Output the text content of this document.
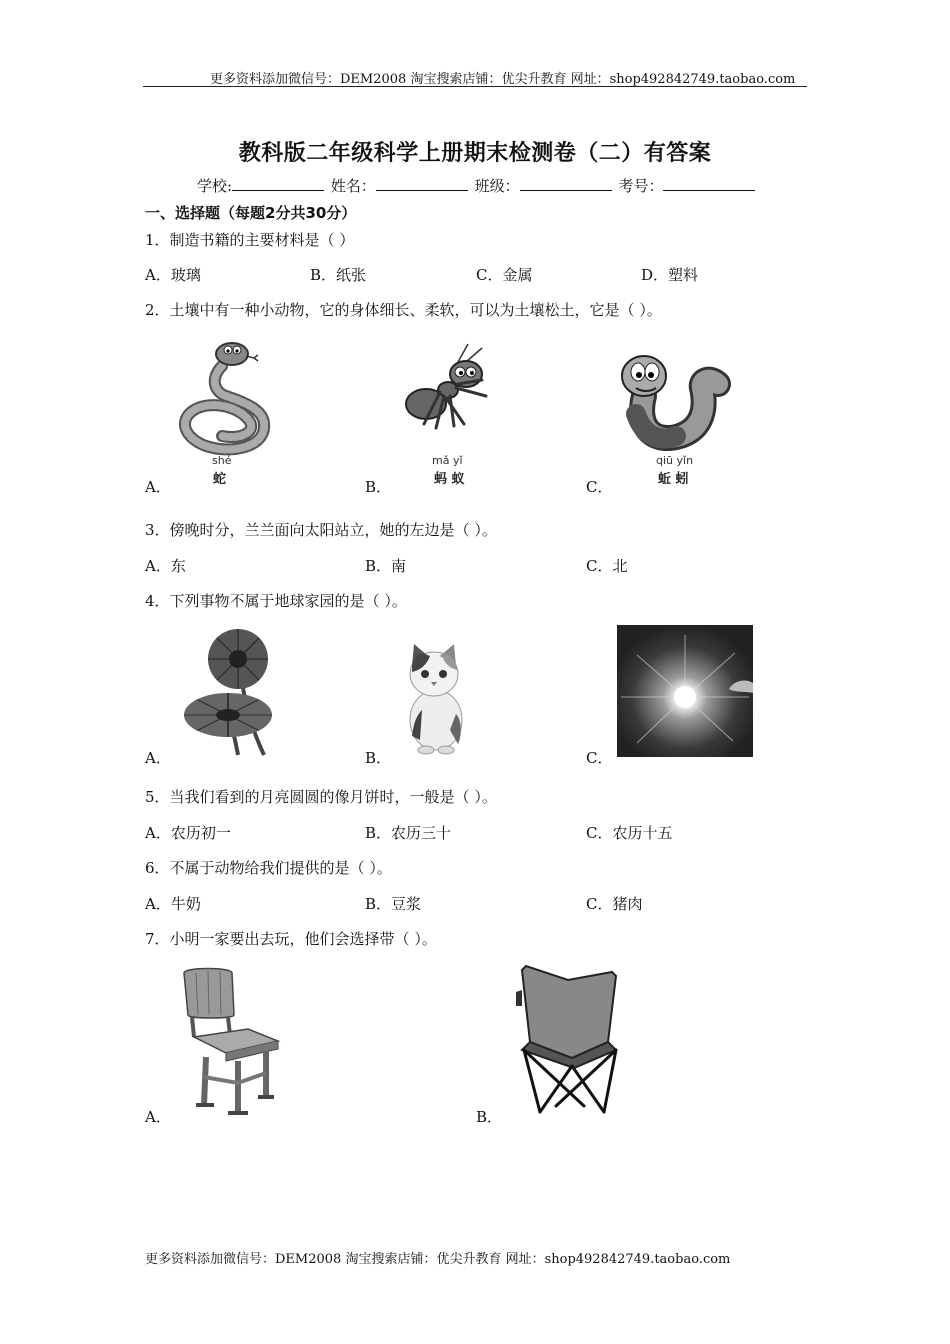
更多资料添加微信号：DEM2008 淘宝搜索店铺：优尖升教育 网址：shop492842749.taobao.com
教科版二年级科学上册期末检测卷（二）有答案
学校:	姓名：	班级：	考号：
一、选择题（每题2分共30分）
1．制造书籍的主要材料是（ ）
A．玻璃	B．纸张	C．金属	D．塑料
2．土壤中有一种小动物，它的身体细长、柔软，可以为土壤松土，它是（ ）。
A．	B．	C．
shé
蛇
mǎ yǐ
蚂 蚁
qiū yǐn
蚯 蚓
3．傍晚时分，兰兰面向太阳站立，她的左边是（ ）。
A．东	B．南	C．北
4．下列事物不属于地球家园的是（ ）。
A．	B．	C．
5．当我们看到的月亮圆圆的像月饼时，一般是（ ）。
A．农历初一	B．农历三十	C．农历十五
6．不属于动物给我们提供的是（ ）。
A．牛奶	B．豆浆	C．猪肉
7．小明一家要出去玩，他们会选择带（ ）。
A．	B．
更多资料添加微信号：DEM2008 淘宝搜索店铺：优尖升教育 网址：shop492842749.taobao.com
